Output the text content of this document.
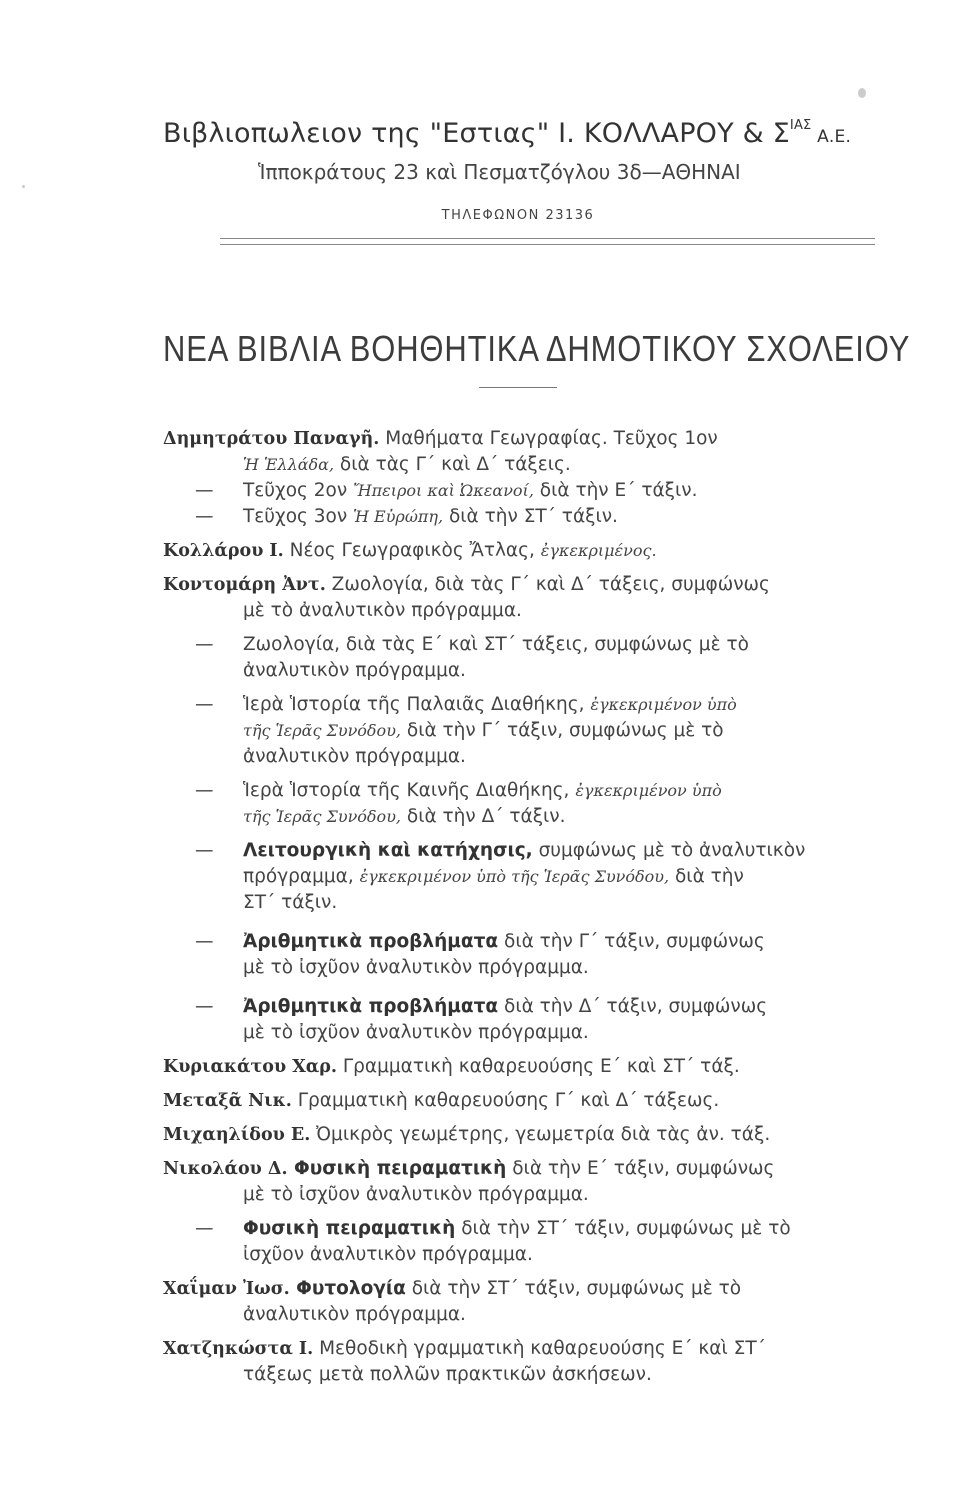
Βιβλιοπωλειον της "Εστιας" Ι. ΚΟΛΛΑΡΟΥ & $\Sigma^{IA\Sigma}$ Α.Ε.
Ἱπποκράτους 23 καὶ Πεσματζόγλου 3δ—ΑΘΗΝΑΙ
ΤΗΛΕΦΩΝΟΝ 23136
ΝΕΑ ΒΙΒΛΙΑ ΒΟΗΘΗΤΙΚΑ ΔΗΜΟΤΙΚΟΥ ΣΧΟΛΕΙΟΥ
Δημητράτου Παναγῆ. Μαθήματα Γεωγραφίας. Τεῦχος 1ον
Ἡ Ἑλλάδα, διὰ τὰς Γ΄ καὶ Δ΄ τάξεις.
—	Τεῦχος 2ον Ἤπειροι καὶ Ὠκεανοί, διὰ τὴν Ε΄ τάξιν.
—	Τεῦχος 3ον Ἡ Εὐρώπη, διὰ τὴν ΣΤ΄ τάξιν.
Κολλάρου Ι. Νέος Γεωγραφικὸς Ἄτλας, ἐγκεκριμένος.
Κοντομάρη Ἀντ. Ζωολογία, διὰ τὰς Γ΄ καὶ Δ΄ τάξεις, συμφώνως
μὲ τὸ ἀναλυτικὸν πρόγραμμα.
—	Ζωολογία, διὰ τὰς Ε΄ καὶ ΣΤ΄ τάξεις, συμφώνως μὲ τὸ
ἀναλυτικὸν πρόγραμμα.
—	Ἱερὰ Ἱστορία τῆς Παλαιᾶς Διαθήκης, ἐγκεκριμένον ὑπὸ
τῆς Ἱερᾶς Συνόδου, διὰ τὴν Γ΄ τάξιν, συμφώνως μὲ τὸ
ἀναλυτικὸν πρόγραμμα.
—	Ἱερὰ Ἱστορία τῆς Καινῆς Διαθήκης, ἐγκεκριμένον ὑπὸ
τῆς Ἱερᾶς Συνόδου, διὰ τὴν Δ΄ τάξιν.
—	Λειτουργικὴ καὶ κατήχησις, συμφώνως μὲ τὸ ἀναλυτικὸν
πρόγραμμα, ἐγκεκριμένον ὑπὸ τῆς Ἱερᾶς Συνόδου, διὰ τὴν
ΣΤ΄ τάξιν.
—	Ἀριθμητικὰ προβλήματα διὰ τὴν Γ΄ τάξιν, συμφώνως
μὲ τὸ ἰσχῦον ἀναλυτικὸν πρόγραμμα.
—	Ἀριθμητικὰ προβλήματα διὰ τὴν Δ΄ τάξιν, συμφώνως
μὲ τὸ ἰσχῦον ἀναλυτικὸν πρόγραμμα.
Κυριακάτου Χαρ. Γραμματικὴ καθαρευούσης Ε΄ καὶ ΣΤ΄ τάξ.
Μεταξᾶ Νικ. Γραμματικὴ καθαρευούσης Γ΄ καὶ Δ΄ τάξεως.
Μιχαηλίδου Ε. Ὀμικρὸς γεωμέτρης, γεωμετρία διὰ τὰς ἀν. τάξ.
Νικολάου Δ. Φυσικὴ πειραματικὴ διὰ τὴν Ε΄ τάξιν, συμφώνως
μὲ τὸ ἰσχῦον ἀναλυτικὸν πρόγραμμα.
—	Φυσικὴ πειραματικὴ διὰ τὴν ΣΤ΄ τάξιν, συμφώνως μὲ τὸ
ἰσχῦον ἀναλυτικὸν πρόγραμμα.
Χαΐμαν Ἰωσ. Φυτολογία διὰ τὴν ΣΤ΄ τάξιν, συμφώνως μὲ τὸ
ἀναλυτικὸν πρόγραμμα.
Χατζηκώστα Ι. Μεθοδικὴ γραμματικὴ καθαρευούσης Ε΄ καὶ ΣΤ΄
τάξεως μετὰ πολλῶν πρακτικῶν ἀσκήσεων.
